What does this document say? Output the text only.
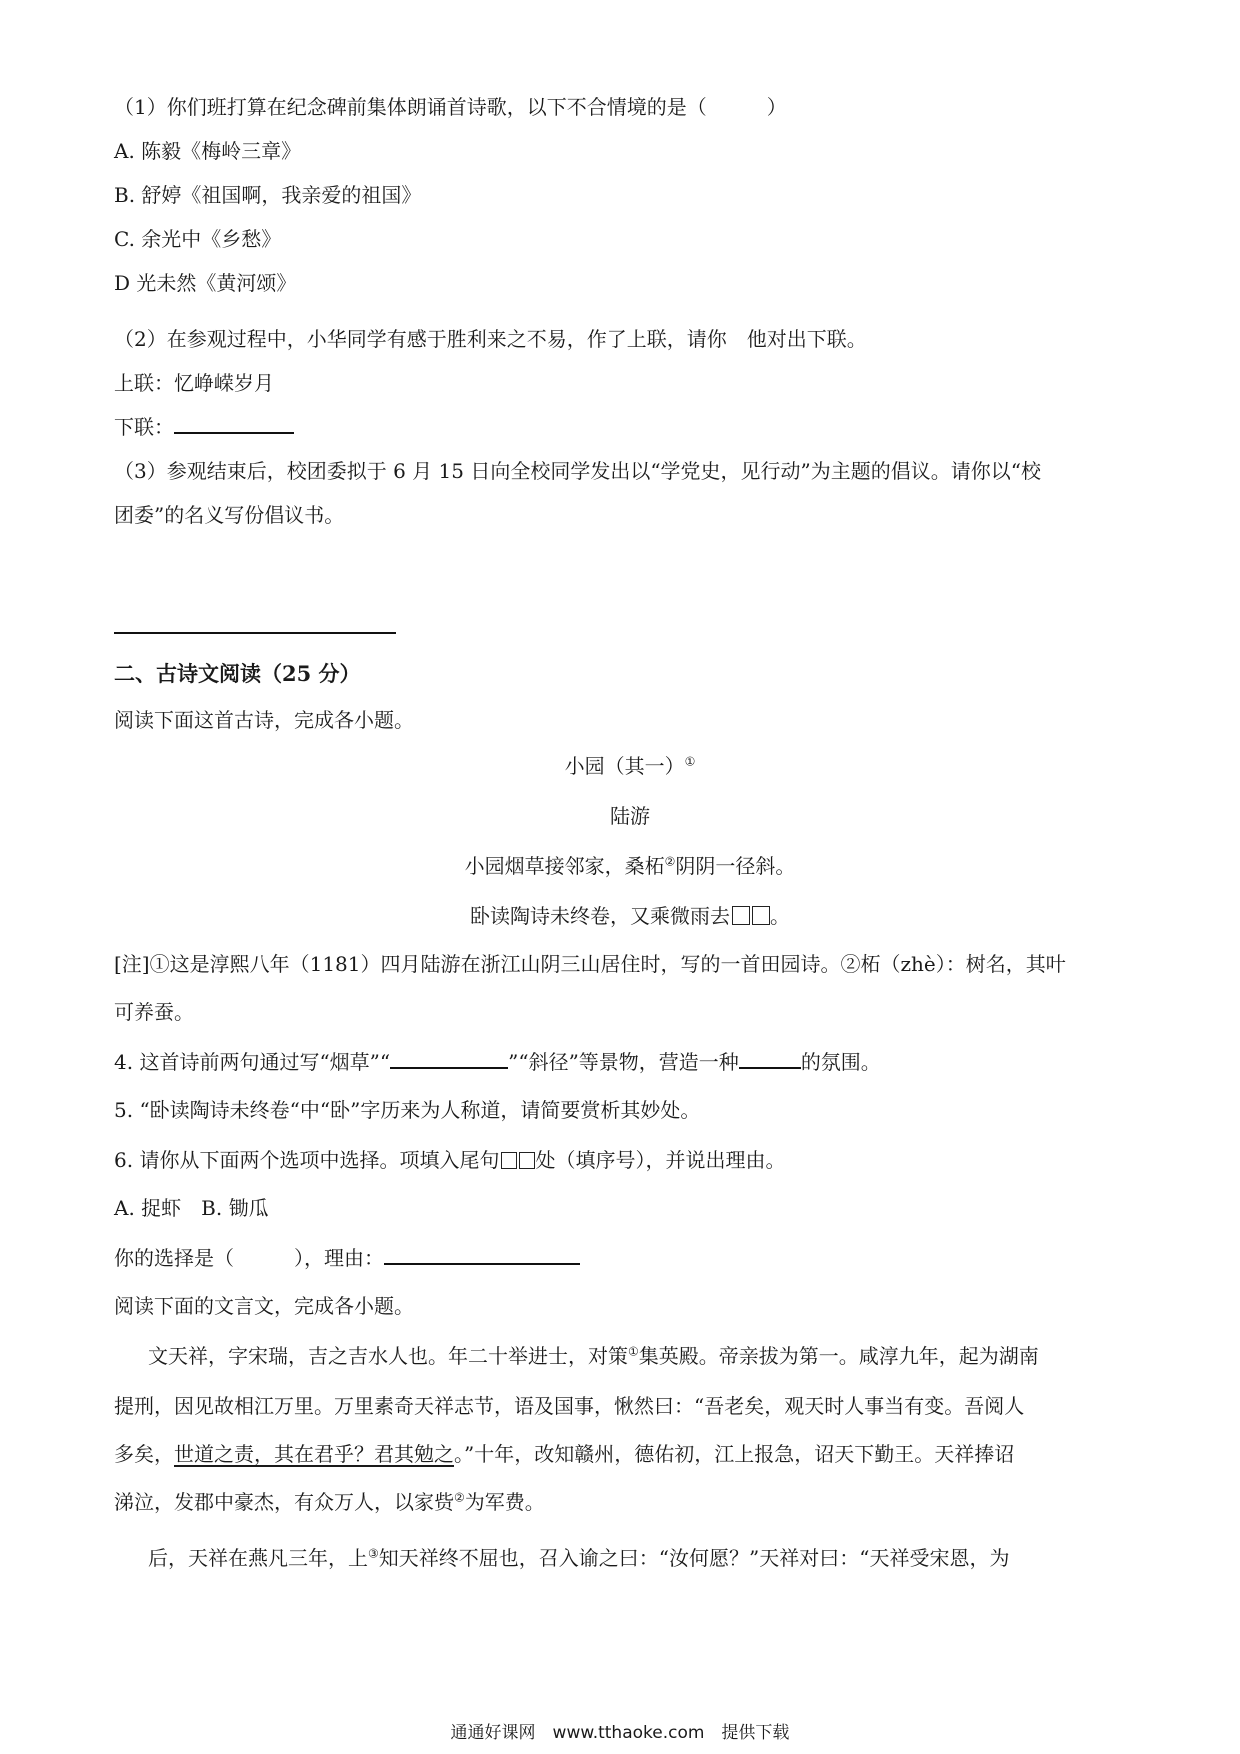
（1）你们班打算在纪念碑前集体朗诵首诗歌，以下不合情境的是（　　　）
A. 陈毅《梅岭三章》
B. 舒婷《祖国啊，我亲爱的祖国》
C. 余光中《乡愁》
D 光未然《黄河颂》
（2）在参观过程中，小华同学有感于胜利来之不易，作了上联，请你　他对出下联。
上联：忆峥嵘岁月
下联：
（3）参观结束后，校团委拟于 6 月 15 日向全校同学发出以“学党史，见行动”为主题的倡议。请你以“校
团委”的名义写份倡议书。
二、古诗文阅读（25 分）
阅读下面这首古诗，完成各小题。
小园（其一）①
陆游
小园烟草接邻家，桑柘②阴阴一径斜。
卧读陶诗未终卷，又乘微雨去 。
[注]①这是淳熙八年（1181）四月陆游在浙江山阴三山居住时，写的一首田园诗。②柘（zhè）：树名，其叶
可养蚕。
4. 这首诗前两句通过写“烟草”“	”“斜径”等景物，营造一种	的氛围。
5. “卧读陶诗未终卷“中“卧”字历来为人称道，请简要赏析其妙处。
6. 请你从下面两个选项中选择。项填入尾句 处（填序号），并说出理由。
A. 捉虾　B. 锄瓜
你的选择是（　　　），理由：
阅读下面的文言文，完成各小题。
文天祥，字宋瑞，吉之吉水人也。年二十举进士，对策①集英殿。帝亲拔为第一。咸淳九年，起为湖南
提刑，因见故相江万里。万里素奇天祥志节，语及国事，愀然曰：“吾老矣，观天时人事当有变。吾阅人
多矣，世道之责，其在君乎？君其勉之。”十年，改知赣州，德佑初，江上报急，诏天下勤王。天祥捧诏
涕泣，发郡中豪杰，有众万人，以家赀②为军费。
后，天祥在燕凡三年，上③知天祥终不屈也，召入谕之曰：“汝何愿？”天祥对曰：“天祥受宋恩，为
通通好课网　www.tthaoke.com　提供下载
